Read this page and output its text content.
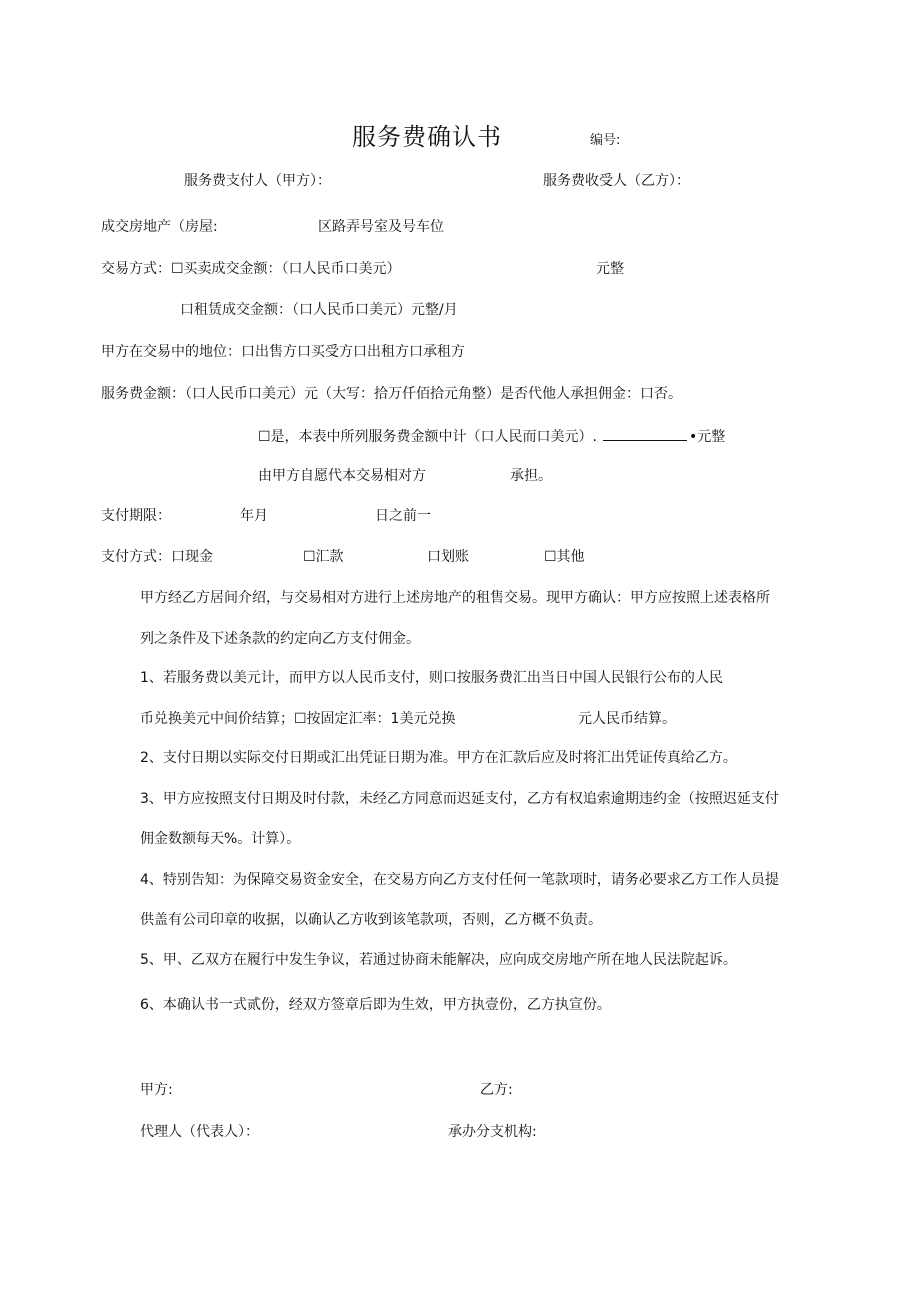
服务费确认书	编号:
服务费支付人（甲方）：	服务费收受人（乙方）：
成交房地产（房屋:	区路弄号室及号车位
交易方式：☐买卖成交金额：（口人民币口美元）	元整
口租赁成交金额：（口人民币口美元）元整/月
甲方在交易中的地位：口出售方口买受方口出租方口承租方
服务费金额：（口人民币口美元）元（大写：拾万仟佰拾元角整）是否代他人承担佣金：口否。
☐是，本表中所列服务费金额中计（口人民而口美元）.	•元整
由甲方自愿代本交易相对方	承担。
支付期限：	年月	日之前一
支付方式：口现金	☐汇款	口划账	☐其他
甲方经乙方居间介绍，与交易相对方进行上述房地产的租售交易。现甲方确认：甲方应按照上述表格所
列之条件及下述条款的约定向乙方支付佣金。
1、若服务费以美元计，而甲方以人民币支付，则口按服务费汇出当日中国人民银行公布的人民
币兑换美元中间价结算；☐按固定汇率：1美元兑换	元人民币结算。
2、支付日期以实际交付日期或汇出凭证日期为准。甲方在汇款后应及时将汇出凭证传真给乙方。
3、甲方应按照支付日期及时付款，未经乙方同意而迟延支付，乙方有权追索逾期违约金（按照迟延支付
佣金数额每天%。计算）。
4、特别告知：为保障交易资金安全，在交易方向乙方支付任何一笔款项时，请务必要求乙方工作人员提
供盖有公司印章的收据，以确认乙方收到该笔款项，否则，乙方概不负责。
5、甲、乙双方在履行中发生争议，若通过协商未能解决，应向成交房地产所在地人民法院起诉。
6、本确认书一式贰份，经双方签章后即为生效，甲方执壹份，乙方执宣份。
甲方:	乙方:
代理人（代表人）：	承办分支机构:
